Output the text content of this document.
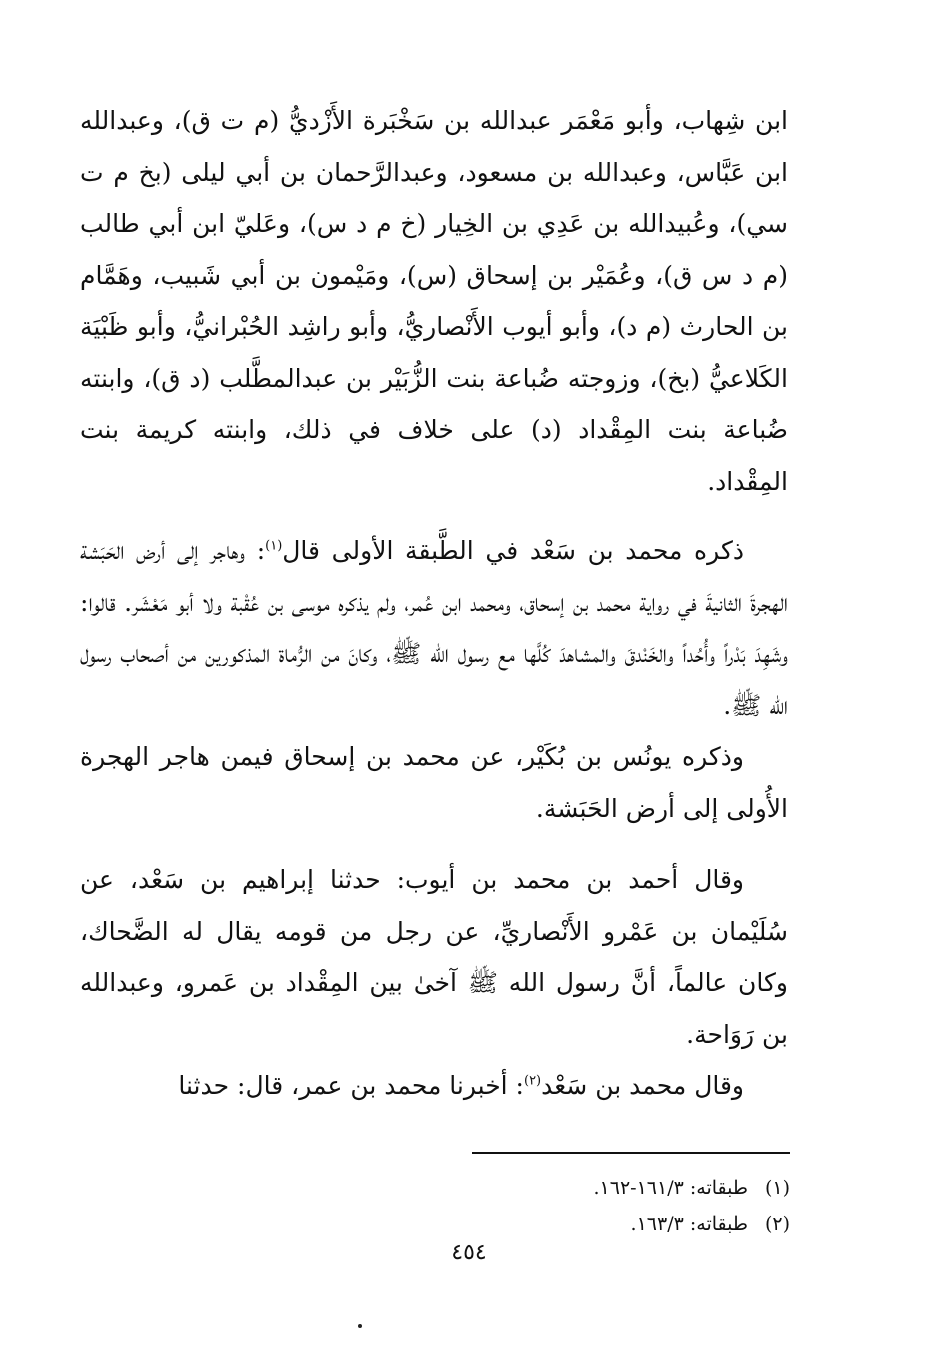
ابن شِهاب، وأبو مَعْمَر عبدالله بن سَخْبَرة الأَزْديُّ (م ت ق)، وعبدالله ابن عَبَّاس، وعبدالله بن مسعود، وعبدالرَّحمان بن أبي ليلى (بخ م ت سي)، وعُبيدالله بن عَدِي بن الخِيار (خ م د س)، وعَليّ ابن أبي طالب (م د س ق)، وعُمَيْر بن إسحاق (س)، ومَيْمون بن أبي شَبيب، وهَمَّام بن الحارث (م د)، وأبو أيوب الأَنْصاريُّ، وأبو راشِد الحُبْرانيُّ، وأبو ظَبْيَة الكَلاعيُّ (بخ)، وزوجته ضُباعة بنت الزُّبَيْر بن عبدالمطَّلب (د ق)، وابنته ضُباعة بنت المِقْداد (د) على خلاف في ذلك، وابنته كريمة بنت المِقْداد.

ذكره محمد بن سَعْد في الطَّبقة الأولى قال$^{(١)}$: وهاجر إلى أرض الحَبَشة الهجرةَ الثانيةَ في رواية محمد بن إسحاق، ومحمد ابن عُمر، ولم يذكره موسى بن عُقْبة ولا أبو مَعْشَر. قالوا: وشَهِدَ بَدْراً وأُحُداً والخَنْدقَ والمشاهدَ كُلَّها مع رسول الله ﷺ، وكانَ من الرُّماة المذكورين من أصحاب رسول الله ﷺ.

وذكره يونُس بن بُكَيْر، عن محمد بن إسحاق فيمن هاجر الهجرة الأُولى إلى أرض الحَبَشة.

وقال أحمد بن محمد بن أيوب: حدثنا إبراهيم بن سَعْد، عن سُلَيْمان بن عَمْرو الأَنْصاريِّ، عن رجل من قومه يقال له الضَّحاك، وكان عالماً، أنَّ رسول الله ﷺ آخىٰ بين المِقْداد بن عَمرو، وعبدالله بن رَوَاحة.

وقال محمد بن سَعْد$^{(٢)}$: أخبرنا محمد بن عمر، قال: حدثنا

(١)طبقاته: ١٦١/٣-١٦٢.
(٢)طبقاته: ١٦٣/٣.
٤٥٤
